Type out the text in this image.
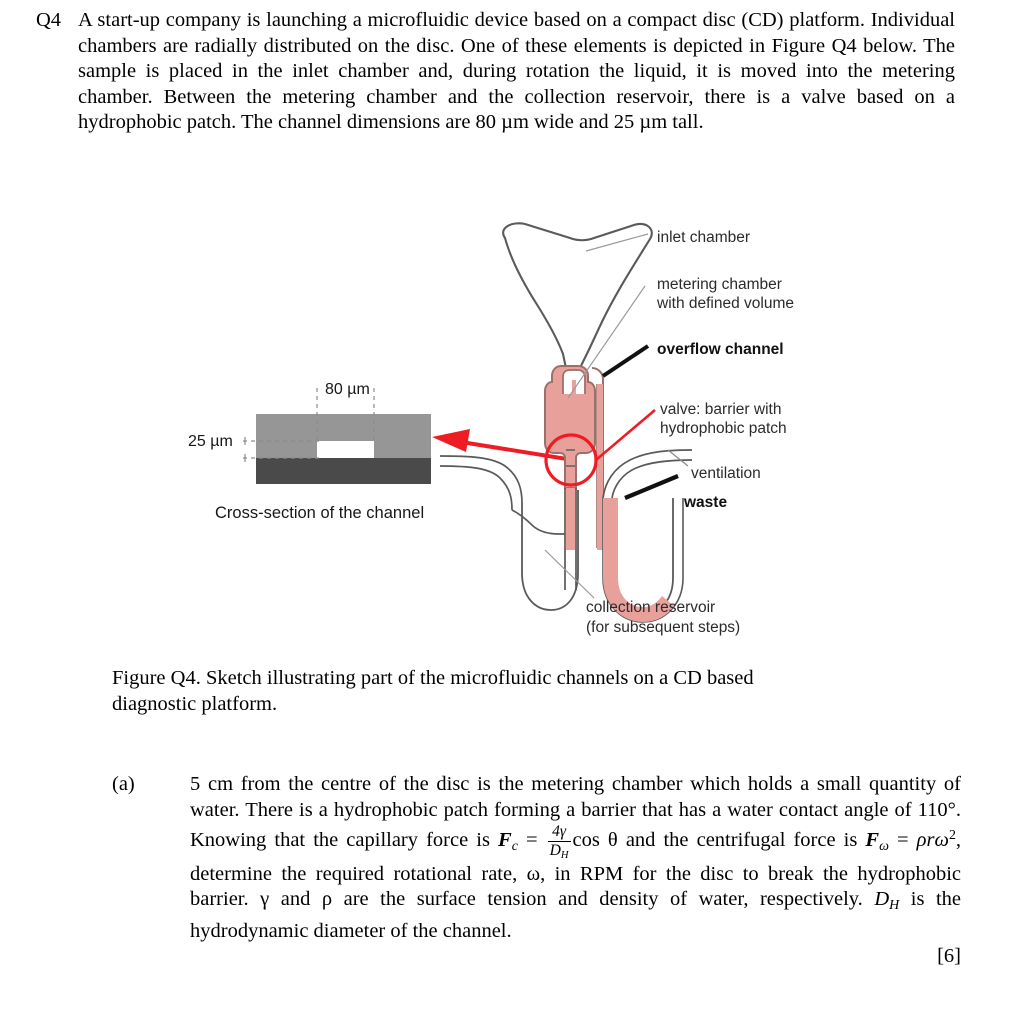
Q4 A start-up company is launching a microfluidic device based on a compact disc (CD) platform. Individual chambers are radially distributed on the disc. One of these elements is depicted in Figure Q4 below. The sample is placed in the inlet chamber and, during rotation the liquid, it is moved into the metering chamber. Between the metering chamber and the collection reservoir, there is a valve based on a hydrophobic patch. The channel dimensions are 80 µm wide and 25 µm tall.

inlet chamber
metering chamber
with defined volume
overflow channel
valve: barrier with
hydrophobic patch
ventilation
waste
collection reservoir
(for subsequent steps)
80 µm
25 µm
Cross-section of the channel

Figure Q4. Sketch illustrating part of the microfluidic channels on a CD based

diagnostic platform.

(a)	5 cm from the centre of the disc is the metering chamber which holds a small quantity of water. There is a hydrophobic patch forming a barrier that has a water contact angle of 110°. Knowing that the capillary force is $F_c = \frac{4\gamma}{D_H}$ cos θ and the centrifugal force is $F_\omega = \rho r\omega^2$, determine the required rotational rate, ω, in RPM for the disc to break the hydrophobic barrier. γ and ρ are the surface tension and density of water, respectively. $D_H$ is the hydrodynamic diameter of the channel.
[6]
